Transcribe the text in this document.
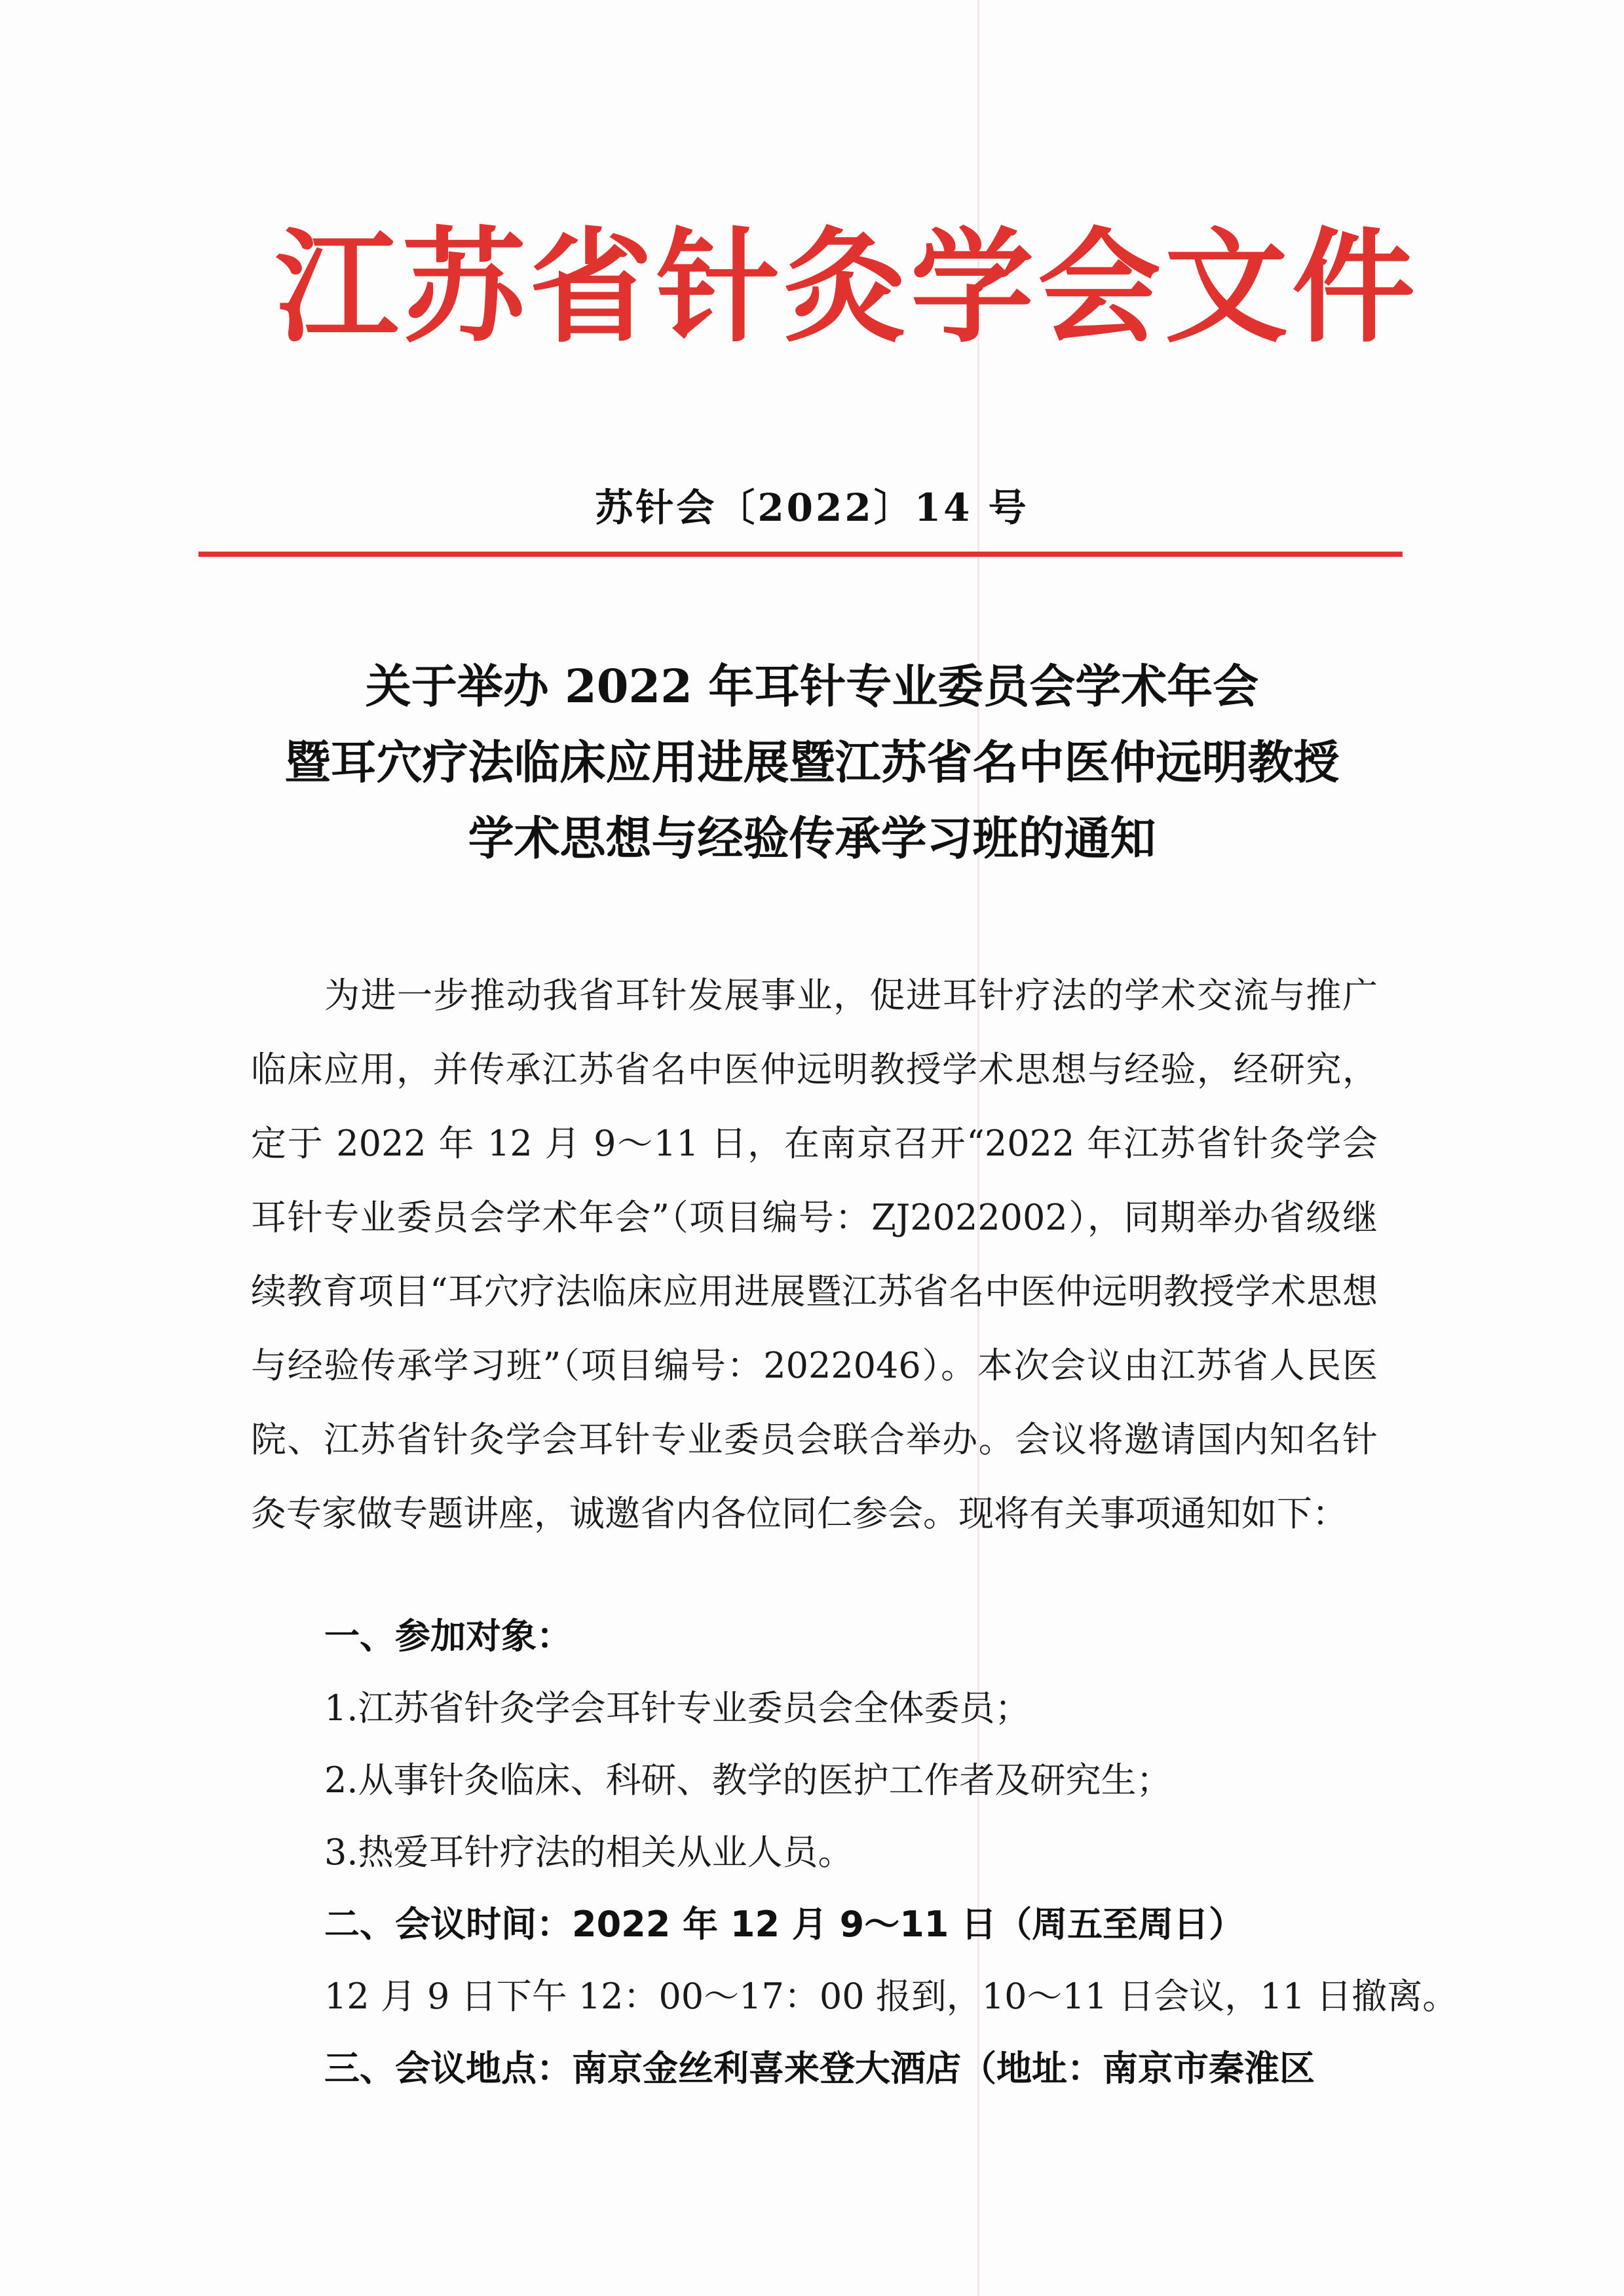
江苏省针灸学会文件
苏针会〔2022〕14 号
关于举办 2022 年耳针专业委员会学术年会
暨耳穴疗法临床应用进展暨江苏省名中医仲远明教授
学术思想与经验传承学习班的通知
为进一步推动我省耳针发展事业，促进耳针疗法的学术交流与推广临床应用，并传承江苏省名中医仲远明教授学术思想与经验，经研究，定于 2022 年 12 月 9～11 日，在南京召开“2022 年江苏省针灸学会耳针专业委员会学术年会”（项目编号：ZJ2022002），同期举办省级继续教育项目“耳穴疗法临床应用进展暨江苏省名中医仲远明教授学术思想与经验传承学习班”（项目编号：2022046）。本次会议由江苏省人民医院、江苏省针灸学会耳针专业委员会联合举办。会议将邀请国内知名针灸专家做专题讲座，诚邀省内各位同仁参会。现将有关事项通知如下：
一、参加对象：
1.江苏省针灸学会耳针专业委员会全体委员；
2.从事针灸临床、科研、教学的医护工作者及研究生；
3.热爱耳针疗法的相关从业人员。
二、会议时间：2022 年 12 月 9～11 日（周五至周日）
12 月 9 日下午 12：00～17：00 报到，10～11 日会议，11 日撤离。
三、会议地点：南京金丝利喜来登大酒店（地址：南京市秦淮区
